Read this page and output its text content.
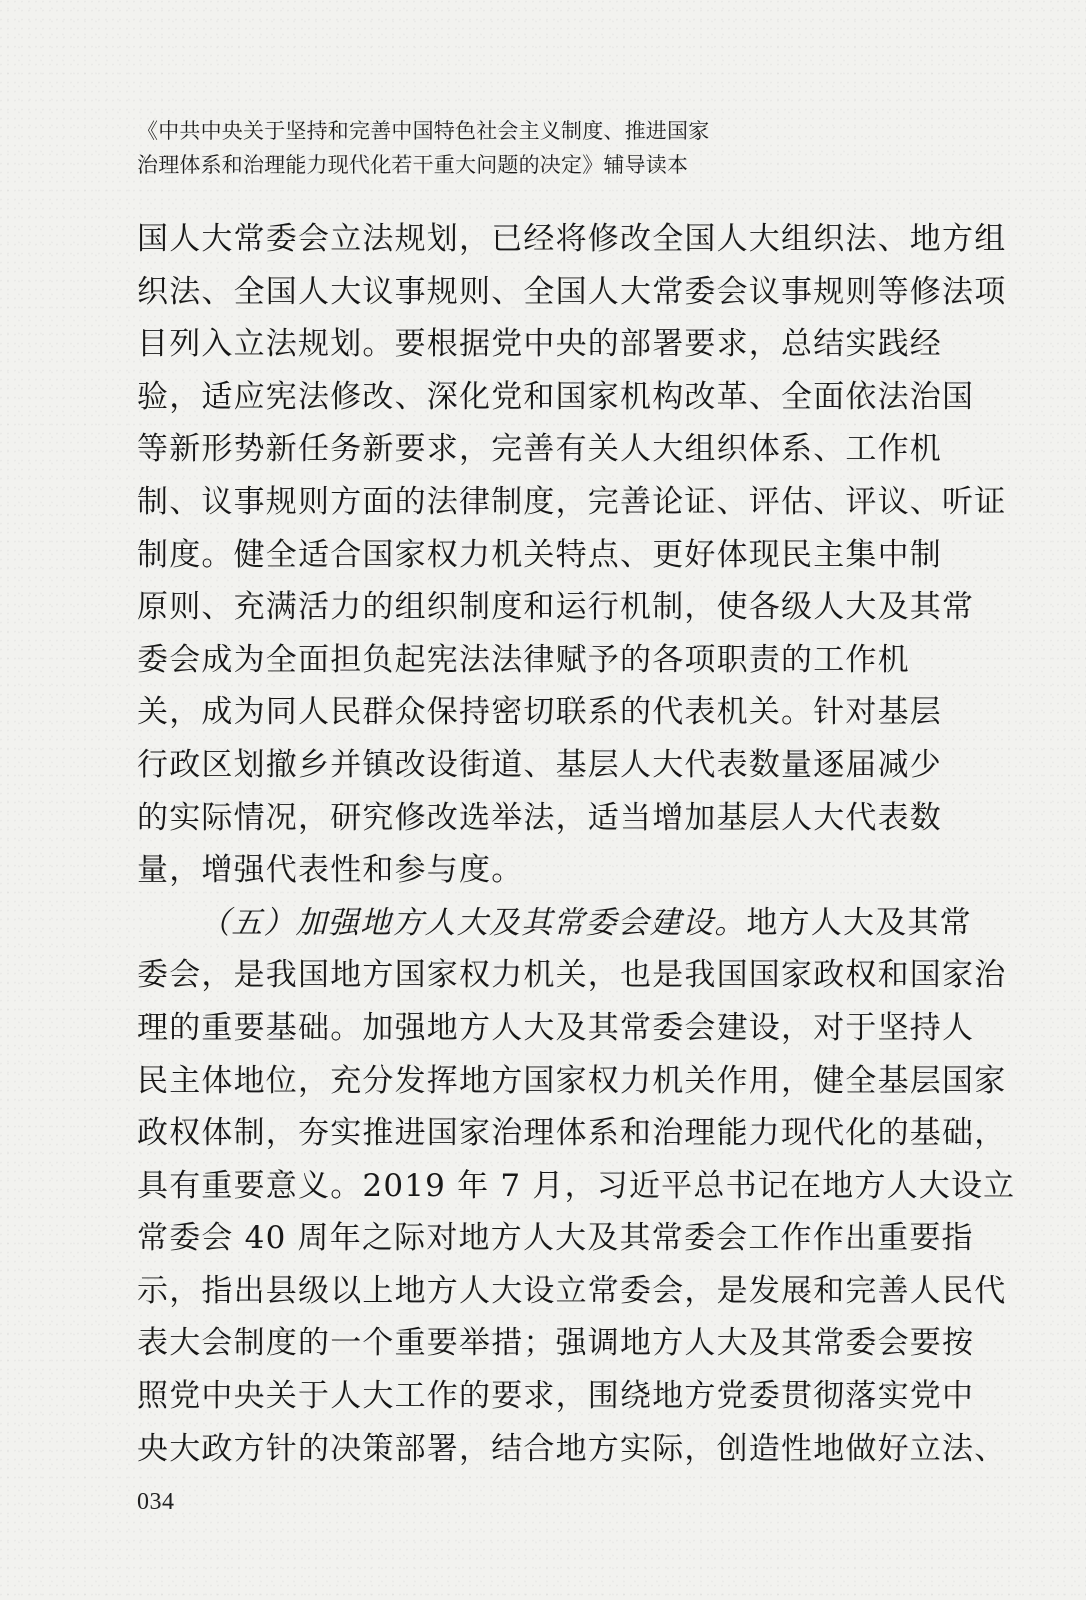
《中共中央关于坚持和完善中国特色社会主义制度、推进国家
治理体系和治理能力现代化若干重大问题的决定》辅导读本
国人大常委会立法规划，已经将修改全国人大组织法、地方组
织法、全国人大议事规则、全国人大常委会议事规则等修法项
目列入立法规划。要根据党中央的部署要求，总结实践经
验，适应宪法修改、深化党和国家机构改革、全面依法治国
等新形势新任务新要求，完善有关人大组织体系、工作机
制、议事规则方面的法律制度，完善论证、评估、评议、听证
制度。健全适合国家权力机关特点、更好体现民主集中制
原则、充满活力的组织制度和运行机制，使各级人大及其常
委会成为全面担负起宪法法律赋予的各项职责的工作机
关，成为同人民群众保持密切联系的代表机关。针对基层
行政区划撤乡并镇改设街道、基层人大代表数量逐届减少
的实际情况，研究修改选举法，适当增加基层人大代表数
量，增强代表性和参与度。
（五）加强地方人大及其常委会建设。地方人大及其常
委会，是我国地方国家权力机关，也是我国国家政权和国家治
理的重要基础。加强地方人大及其常委会建设，对于坚持人
民主体地位，充分发挥地方国家权力机关作用，健全基层国家
政权体制，夯实推进国家治理体系和治理能力现代化的基础，
具有重要意义。2019 年 7 月，习近平总书记在地方人大设立
常委会 40 周年之际对地方人大及其常委会工作作出重要指
示，指出县级以上地方人大设立常委会，是发展和完善人民代
表大会制度的一个重要举措；强调地方人大及其常委会要按
照党中央关于人大工作的要求，围绕地方党委贯彻落实党中
央大政方针的决策部署，结合地方实际，创造性地做好立法、
034
